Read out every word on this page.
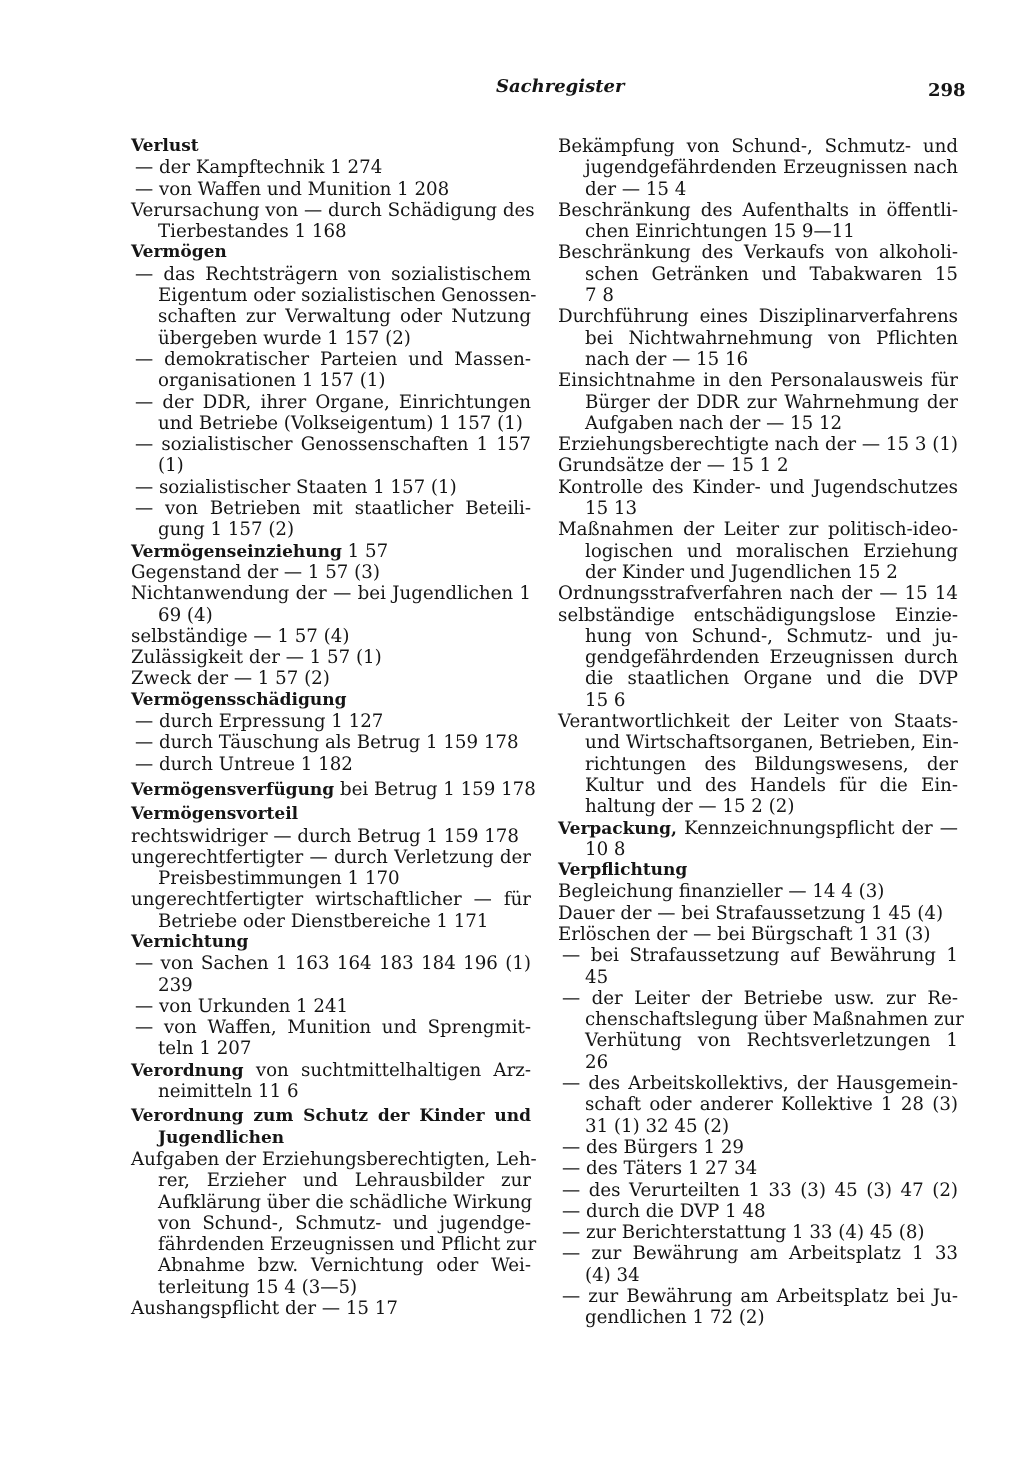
Sachregister	298
Verlust
— der Kampftechnik 1 274
— von Waffen und Munition 1 208
Verursachung von — durch Schädigung des
Tierbestandes 1 168
Vermögen
— das Rechtsträgern von sozialistischem
Eigentum oder sozialistischen Genossen-
schaften zur Verwaltung oder Nutzung
übergeben wurde 1 157 (2)
— demokratischer Parteien und Massen-
organisationen 1 157 (1)
— der DDR, ihrer Organe, Einrichtungen
und Betriebe (Volkseigentum) 1 157 (1)
— sozialistischer Genossenschaften 1 157
(1)
— sozialistischer Staaten 1 157 (1)
— von Betrieben mit staatlicher Beteili-
gung 1 157 (2)
Vermögenseinziehung 1 57
Gegenstand der — 1 57 (3)
Nichtanwendung der — bei Jugendlichen 1
69 (4)
selbständige — 1 57 (4)
Zulässigkeit der — 1 57 (1)
Zweck der — 1 57 (2)
Vermögensschädigung
— durch Erpressung 1 127
— durch Täuschung als Betrug 1 159 178
— durch Untreue 1 182
Vermögensverfügung bei Betrug 1 159 178
Vermögensvorteil
rechtswidriger — durch Betrug 1 159 178
ungerechtfertigter — durch Verletzung der
Preisbestimmungen 1 170
ungerechtfertigter wirtschaftlicher — für
Betriebe oder Dienstbereiche 1 171
Vernichtung
— von Sachen 1 163 164 183 184 196 (1)
239
— von Urkunden 1 241
— von Waffen, Munition und Sprengmit-
teln 1 207
Verordnung von suchtmittelhaltigen Arz-
neimitteln 11 6
Verordnung zum Schutz der Kinder und
Jugendlichen
Aufgaben der Erziehungsberechtigten, Leh-
rer, Erzieher und Lehrausbilder zur
Aufklärung über die schädliche Wirkung
von Schund-, Schmutz- und jugendge-
fährdenden Erzeugnissen und Pflicht zur
Abnahme bzw. Vernichtung oder Wei-
terleitung 15 4 (3—5)
Aushangspflicht der — 15 17
Bekämpfung von Schund-, Schmutz- und
jugendgefährdenden Erzeugnissen nach
der — 15 4
Beschränkung des Aufenthalts in öffentli-
chen Einrichtungen 15 9—11
Beschränkung des Verkaufs von alkoholi-
schen Getränken und Tabakwaren 15
7 8
Durchführung eines Disziplinarverfahrens
bei Nichtwahrnehmung von Pflichten
nach der — 15 16
Einsichtnahme in den Personalausweis für
Bürger der DDR zur Wahrnehmung der
Aufgaben nach der — 15 12
Erziehungsberechtigte nach der — 15 3 (1)
Grundsätze der — 15 1 2
Kontrolle des Kinder- und Jugendschutzes
15 13
Maßnahmen der Leiter zur politisch-ideo-
logischen und moralischen Erziehung
der Kinder und Jugendlichen 15 2
Ordnungsstrafverfahren nach der — 15 14
selbständige entschädigungslose Einzie-
hung von Schund-, Schmutz- und ju-
gendgefährdenden Erzeugnissen durch
die staatlichen Organe und die DVP
15 6
Verantwortlichkeit der Leiter von Staats-
und Wirtschaftsorganen, Betrieben, Ein-
richtungen des Bildungswesens, der
Kultur und des Handels für die Ein-
haltung der — 15 2 (2)
Verpackung, Kennzeichnungspflicht der —
10 8
Verpflichtung
Begleichung finanzieller — 14 4 (3)
Dauer der — bei Strafaussetzung 1 45 (4)
Erlöschen der — bei Bürgschaft 1 31 (3)
— bei Strafaussetzung auf Bewährung 1
45
— der Leiter der Betriebe usw. zur Re-
chenschaftslegung über Maßnahmen zur
Verhütung von Rechtsverletzungen 1
26
— des Arbeitskollektivs, der Hausgemein-
schaft oder anderer Kollektive 1 28 (3)
31 (1) 32 45 (2)
— des Bürgers 1 29
— des Täters 1 27 34
— des Verurteilten 1 33 (3) 45 (3) 47 (2)
— durch die DVP 1 48
— zur Berichterstattung 1 33 (4) 45 (8)
— zur Bewährung am Arbeitsplatz 1 33
(4) 34
— zur Bewährung am Arbeitsplatz bei Ju-
gendlichen 1 72 (2)
